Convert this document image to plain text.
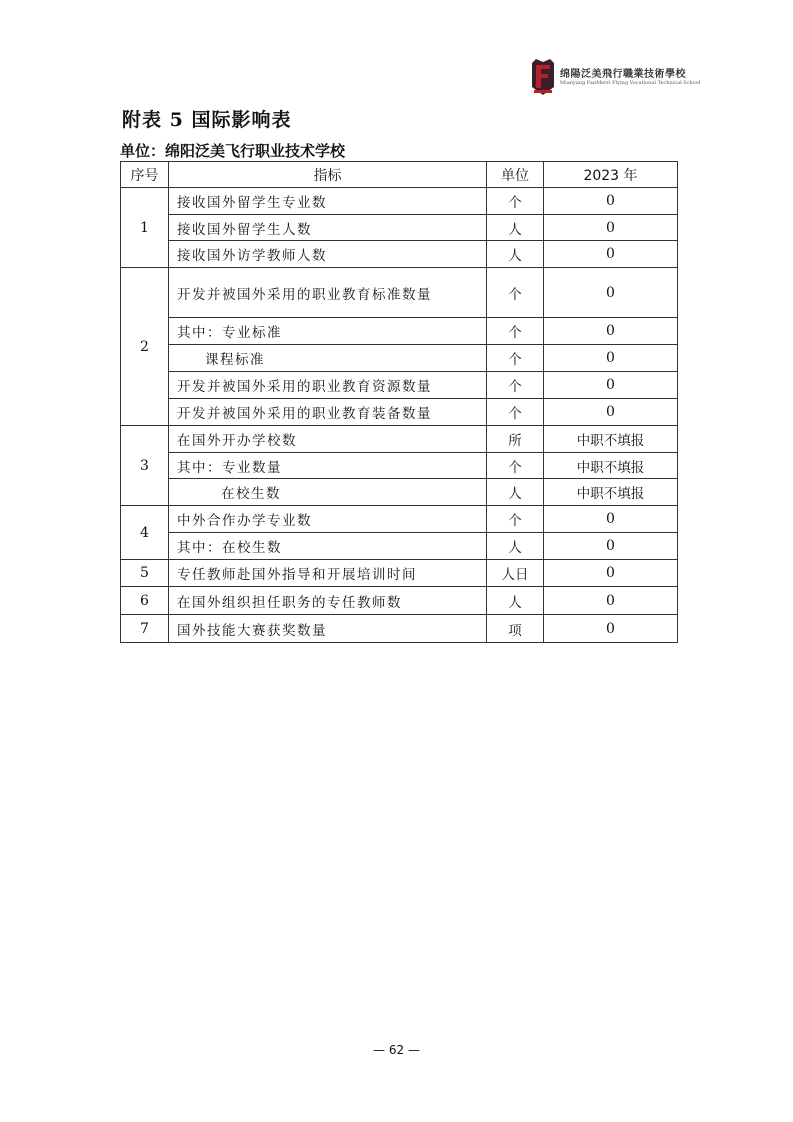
绵陽泛美飛行職業技術學校
Mianyang FanMerri Flying Vocational Technical School
附表 5 国际影响表
单位：绵阳泛美飞行职业技术学校
序号	指标	单位	2023 年
1	接收国外留学生专业数	个	0
	接收国外留学生人数	人	0
	接收国外访学教师人数	人	0
2	开发并被国外采用的职业教育标准数量	个	0
	其中：专业标准	个	0
	课程标准	个	0
	开发并被国外采用的职业教育资源数量	个	0
	开发并被国外采用的职业教育装备数量	个	0
3	在国外开办学校数	所	中职不填报
	其中：专业数量	个	中职不填报
	在校生数	人	中职不填报
4	中外合作办学专业数	个	0
	其中：在校生数	人	0
5	专任教师赴国外指导和开展培训时间	人日	0
6	在国外组织担任职务的专任教师数	人	0
7	国外技能大赛获奖数量	项	0
— 62 —
